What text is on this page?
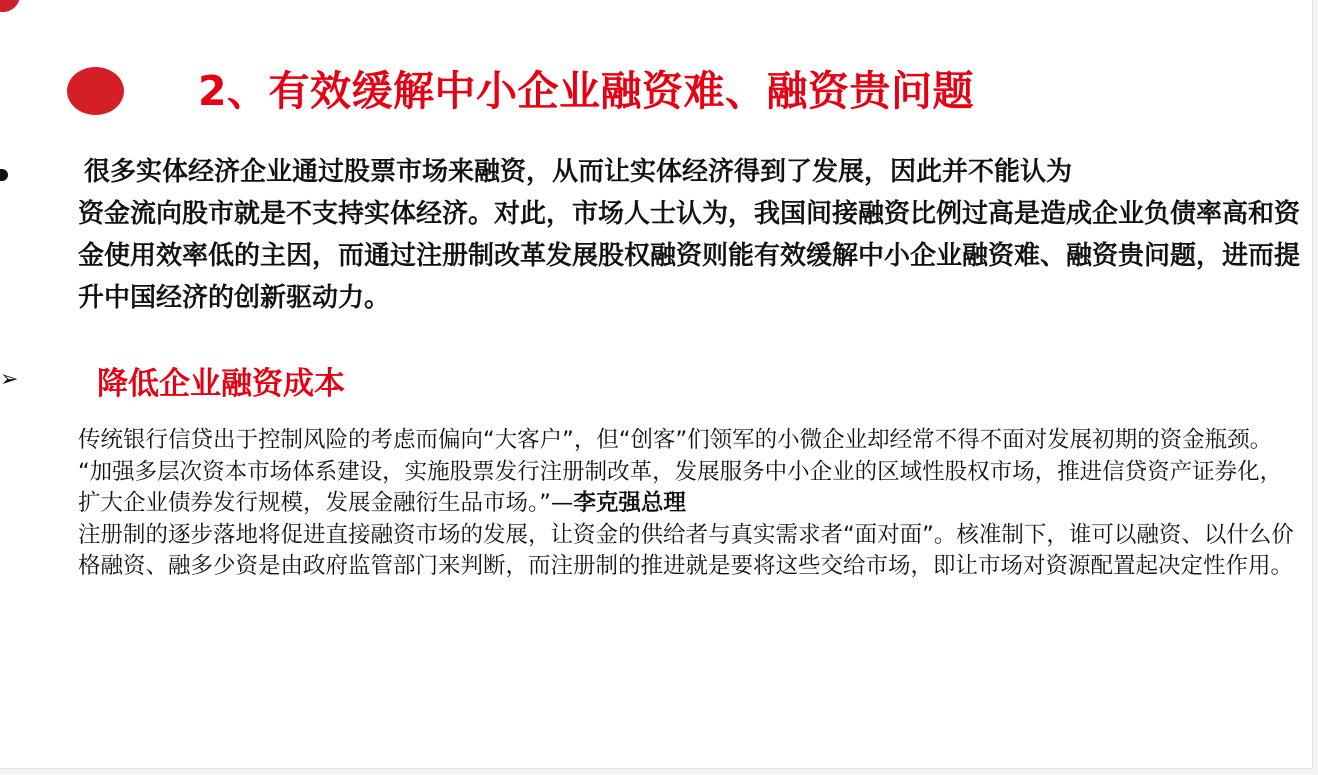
2、有效缓解中小企业融资难、融资贵问题
很多实体经济企业通过股票市场来融资，从而让实体经济得到了发展，因此并不能认为
资金流向股市就是不支持实体经济。对此，市场人士认为，我国间接融资比例过高是造成企业负债率高和资金使用效率低的主因，而通过注册制改革发展股权融资则能有效缓解中小企业融资难、融资贵问题，进而提升中国经济的创新驱动力。
➢	降低企业融资成本

传统银行信贷出于控制风险的考虑而偏向“大客户”，但“创客”们领军的小微企业却经常不得不面对发展初期的资金瓶颈。

“加强多层次资本市场体系建设，实施股票发行注册制改革，发展服务中小企业的区域性股权市场，推进信贷资产证券化，扩大企业债券发行规模，发展金融衍生品市场。”—李克强总理

注册制的逐步落地将促进直接融资市场的发展，让资金的供给者与真实需求者“面对面”。核准制下，谁可以融资、以什么价格融资、融多少资是由政府监管部门来判断，而注册制的推进就是要将这些交给市场，即让市场对资源配置起决定性作用。
